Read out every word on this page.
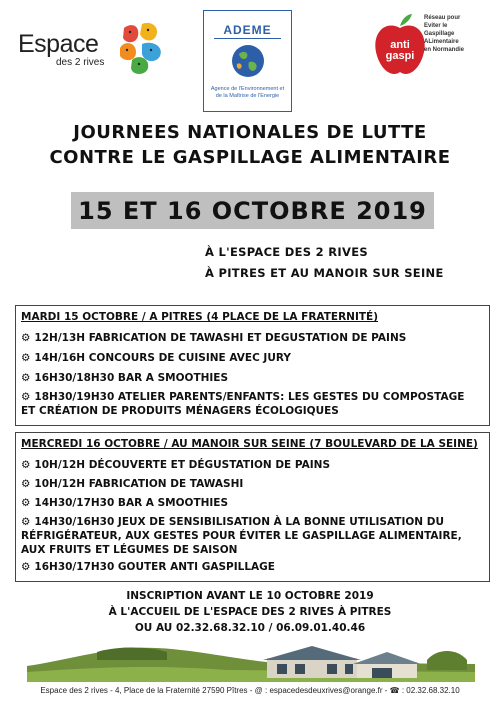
Espace
des 2 rives
ADEME
Agence de l'Environnement et de la Maîtrise de l'Energie
anti
gaspi
Réseau pour
Eviter le
Gaspillage
ALimentaire
en Normandie
JOURNEES NATIONALES DE LUTTE
CONTRE LE GASPILLAGE ALIMENTAIRE
15 ET 16 OCTOBRE 2019
À L'ESPACE DES 2 RIVES
À PITRES ET AU MANOIR SUR SEINE
MARDI 15 OCTOBRE / A PITRES (4 PLACE DE LA FRATERNITÉ)
⚙ 12H/13H FABRICATION DE TAWASHI ET DEGUSTATION DE PAINS
⚙ 14H/16H CONCOURS DE CUISINE AVEC JURY
⚙ 16H30/18H30 BAR A SMOOTHIES
⚙ 18H30/19H30 ATELIER PARENTS/ENFANTS: LES GESTES DU COMPOSTAGE ET CRÉATION DE PRODUITS MÉNAGERS ÉCOLOGIQUES
MERCREDI 16 OCTOBRE / AU MANOIR SUR SEINE (7 BOULEVARD DE LA SEINE)
⚙ 10H/12H DÉCOUVERTE ET DÉGUSTATION DE PAINS
⚙ 10H/12H FABRICATION DE TAWASHI
⚙ 14H30/17H30 BAR A SMOOTHIES
⚙ 14H30/16H30 JEUX DE SENSIBILISATION À LA BONNE UTILISATION DU RÉFRIGÉRATEUR, AUX GESTES POUR ÉVITER LE GASPILLAGE ALIMENTAIRE, AUX FRUITS ET LÉGUMES DE SAISON
⚙ 16H30/17H30 GOUTER ANTI GASPILLAGE
INSCRIPTION AVANT LE 10 OCTOBRE 2019
À L'ACCUEIL DE L'ESPACE DES 2 RIVES À PITRES
OU AU 02.32.68.32.10 / 06.09.01.40.46
Espace des 2 rives - 4, Place de la Fraternité 27590 Pîtres - @ : espacedesdeuxrives@orange.fr - ☎ : 02.32.68.32.10
